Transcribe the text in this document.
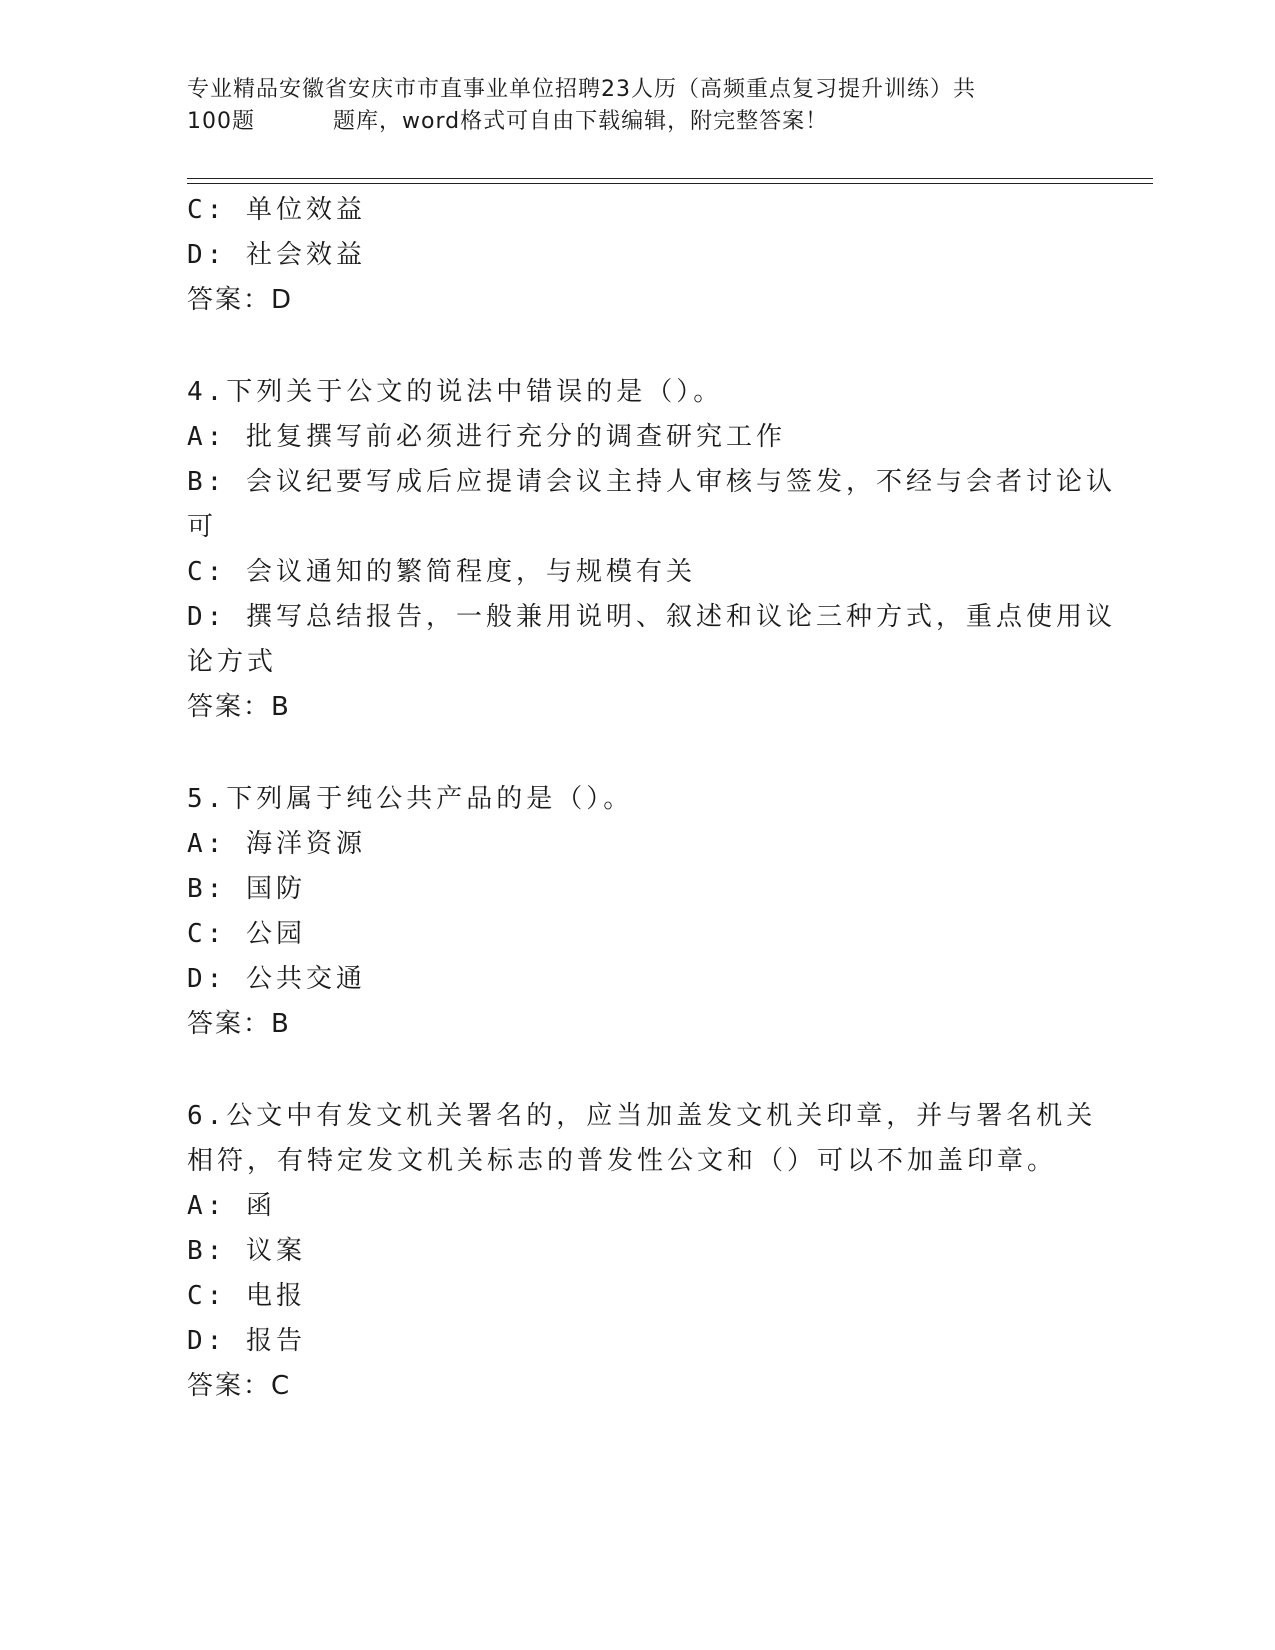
专业精品安徽省安庆市市直事业单位招聘23人历（高频重点复习提升训练）共
100题	题库，word格式可自由下载编辑，附完整答案！
C: 单位效益
D: 社会效益
答案：D
4.下列关于公文的说法中错误的是（）。
A: 批复撰写前必须进行充分的调查研究工作
B: 会议纪要写成后应提请会议主持人审核与签发，不经与会者讨论认
可
C: 会议通知的繁简程度，与规模有关
D: 撰写总结报告，一般兼用说明、叙述和议论三种方式，重点使用议
论方式
答案：B
5.下列属于纯公共产品的是（）。
A: 海洋资源
B: 国防
C: 公园
D: 公共交通
答案：B
6.公文中有发文机关署名的，应当加盖发文机关印章，并与署名机关
相符，有特定发文机关标志的普发性公文和（）可以不加盖印章。
A: 函
B: 议案
C: 电报
D: 报告
答案：C
